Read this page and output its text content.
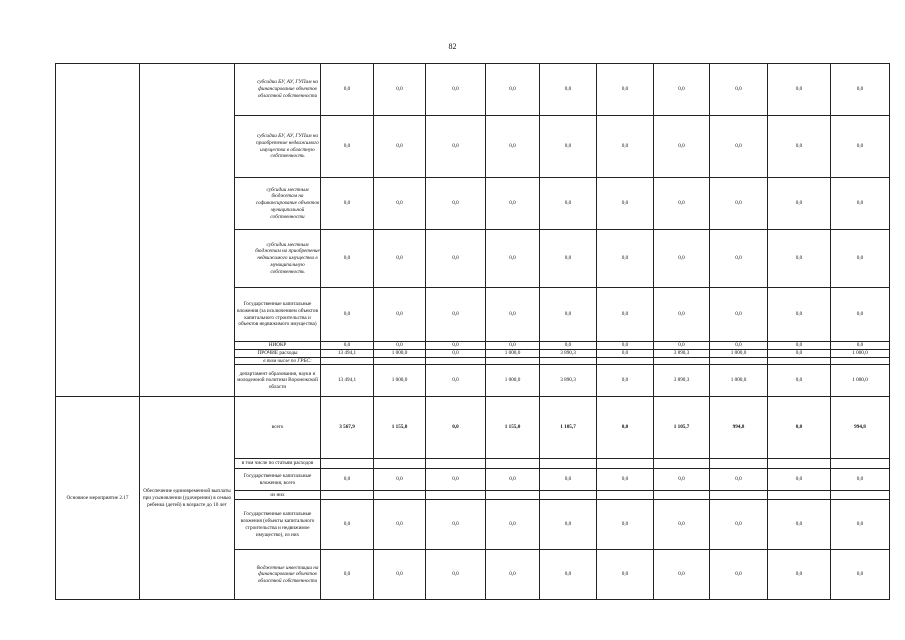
82
		субсидии БУ, АУ, ГУПам на финансирование объектов областной собственности	0,0	0,0	0,0	0,0	0,0	0,0	0,0	0,0	0,0	0,0
		субсидии БУ, АУ, ГУПам на приобретение недвижимого имущества в областную собственность	0,0	0,0	0,0	0,0	0,0	0,0	0,0	0,0	0,0	0,0
		субсидии местным бюджетам на софинансирование объектов муниципальной собственности	0,0	0,0	0,0	0,0	0,0	0,0	0,0	0,0	0,0	0,0
		субсидии местным бюджетам на приобретение недвижимого имущества в муниципальную собственность	0,0	0,0	0,0	0,0	0,0	0,0	0,0	0,0	0,0	0,0
		Государственные капитальные вложения (за исключением объектов капитального строительства и объектов недвижимого имущества)	0,0	0,0	0,0	0,0	0,0	0,0	0,0	0,0	0,0	0,0
		НИОКР	0,0	0,0	0,0	0,0	0,0	0,0	0,0	0,0	0,0	0,0
		ПРОЧИЕ расходы	13 494,1	1 000,0	0,0	1 000,0	3 890,3	0,0	3 890,3	1 000,0	0,0	1 000,0
		в том числе по ГРБС:										
		департамент образования, науки и молодежной политики Воронежской области	13 494,1	1 000,0	0,0	1 000,0	3 890,3	0,0	3 890,3	1 000,0	0,0	1 000,0
Основное мероприятие 2.17	Обеспечение единовременной выплаты при усыновлении (удочерении) в семью ребенка (детей) в возрасте до 10 лет	всего	3 567,9	1 155,0	0,0	1 155,0	1 105,7	0,0	1 105,7	994,8	0,0	994,8
		в том числе по статьям расходов										
		Государственные капитальные вложения, всего	0,0	0,0	0,0	0,0	0,0	0,0	0,0	0,0	0,0	0,0
		из них										
		Государственные капитальные вложения (объекты капитального строительства и недвижимое имущество), из них	0,0	0,0	0,0	0,0	0,0	0,0	0,0	0,0	0,0	0,0
		бюджетные инвестиции на финансирование объектов областной собственности	0,0	0,0	0,0	0,0	0,0	0,0	0,0	0,0	0,0	0,0
